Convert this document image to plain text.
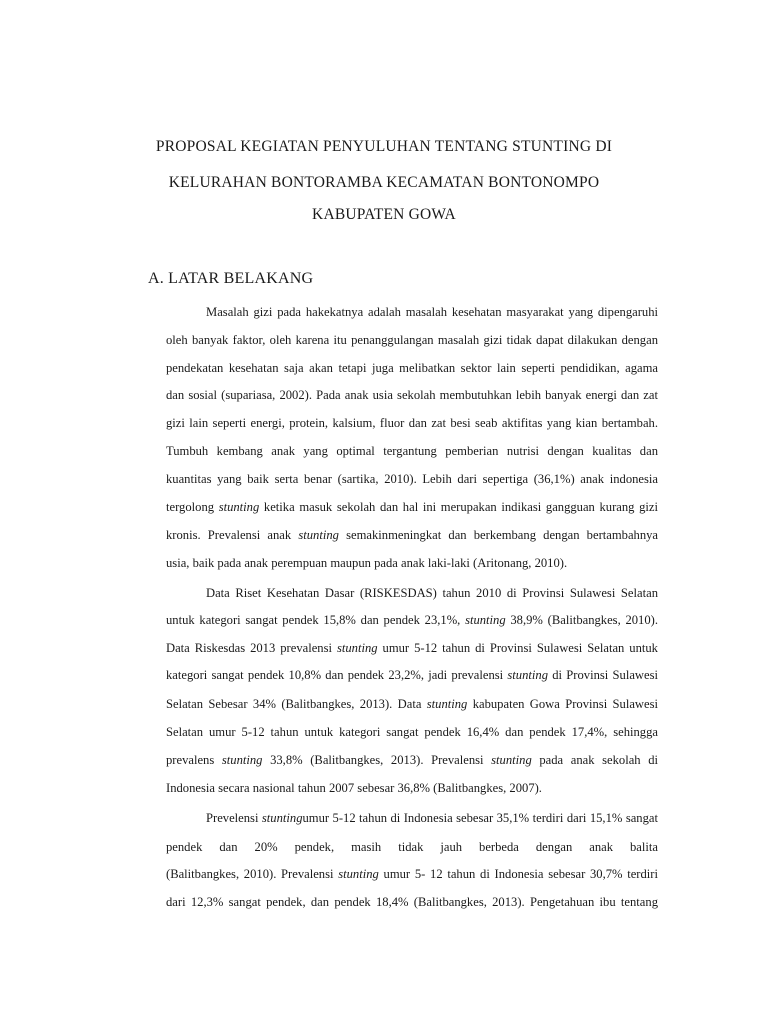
PROPOSAL KEGIATAN PENYULUHAN TENTANG STUNTING DI
KELURAHAN BONTORAMBA KECAMATAN BONTONOMPO
KABUPATEN GOWA
A. LATAR BELAKANG
Masalah gizi pada hakekatnya adalah masalah kesehatan masyarakat yang dipengaruhi
oleh banyak faktor, oleh karena itu penanggulangan masalah gizi tidak dapat dilakukan dengan
pendekatan kesehatan saja akan tetapi juga melibatkan sektor lain seperti pendidikan, agama
dan sosial (supariasa, 2002). Pada anak usia sekolah membutuhkan lebih banyak energi dan zat
gizi lain seperti energi, protein, kalsium, fluor dan zat besi seab aktifitas yang kian bertambah.
Tumbuh kembang anak yang optimal tergantung pemberian nutrisi dengan kualitas dan
kuantitas yang baik serta benar (sartika, 2010). Lebih dari sepertiga (36,1%) anak indonesia
tergolong stunting ketika masuk sekolah dan hal ini merupakan indikasi gangguan kurang gizi
kronis. Prevalensi anak stunting semakinmeningkat dan berkembang dengan bertambahnya
usia, baik pada anak perempuan maupun pada anak laki-laki (Aritonang, 2010).
Data Riset Kesehatan Dasar (RISKESDAS) tahun 2010 di Provinsi Sulawesi Selatan
untuk kategori sangat pendek 15,8% dan pendek 23,1%, stunting 38,9% (Balitbangkes, 2010).
Data Riskesdas 2013 prevalensi stunting umur 5-12 tahun di Provinsi Sulawesi Selatan untuk
kategori sangat pendek 10,8% dan pendek 23,2%, jadi prevalensi stunting di Provinsi Sulawesi
Selatan Sebesar 34% (Balitbangkes, 2013). Data stunting kabupaten Gowa Provinsi Sulawesi
Selatan umur 5-12 tahun untuk kategori sangat pendek 16,4% dan pendek 17,4%, sehingga
prevalens stunting 33,8% (Balitbangkes, 2013). Prevalensi stunting pada anak sekolah di
Indonesia secara nasional tahun 2007 sebesar 36,8% (Balitbangkes, 2007).
Prevelensi stuntingumur 5-12 tahun di Indonesia sebesar 35,1% terdiri dari 15,1% sangat
pendek dan 20% pendek, masih tidak jauh berbeda dengan anak balita
(Balitbangkes, 2010). Prevalensi stunting umur 5- 12 tahun di Indonesia sebesar 30,7% terdiri
dari 12,3% sangat pendek, dan pendek 18,4% (Balitbangkes, 2013). Pengetahuan ibu tentang
